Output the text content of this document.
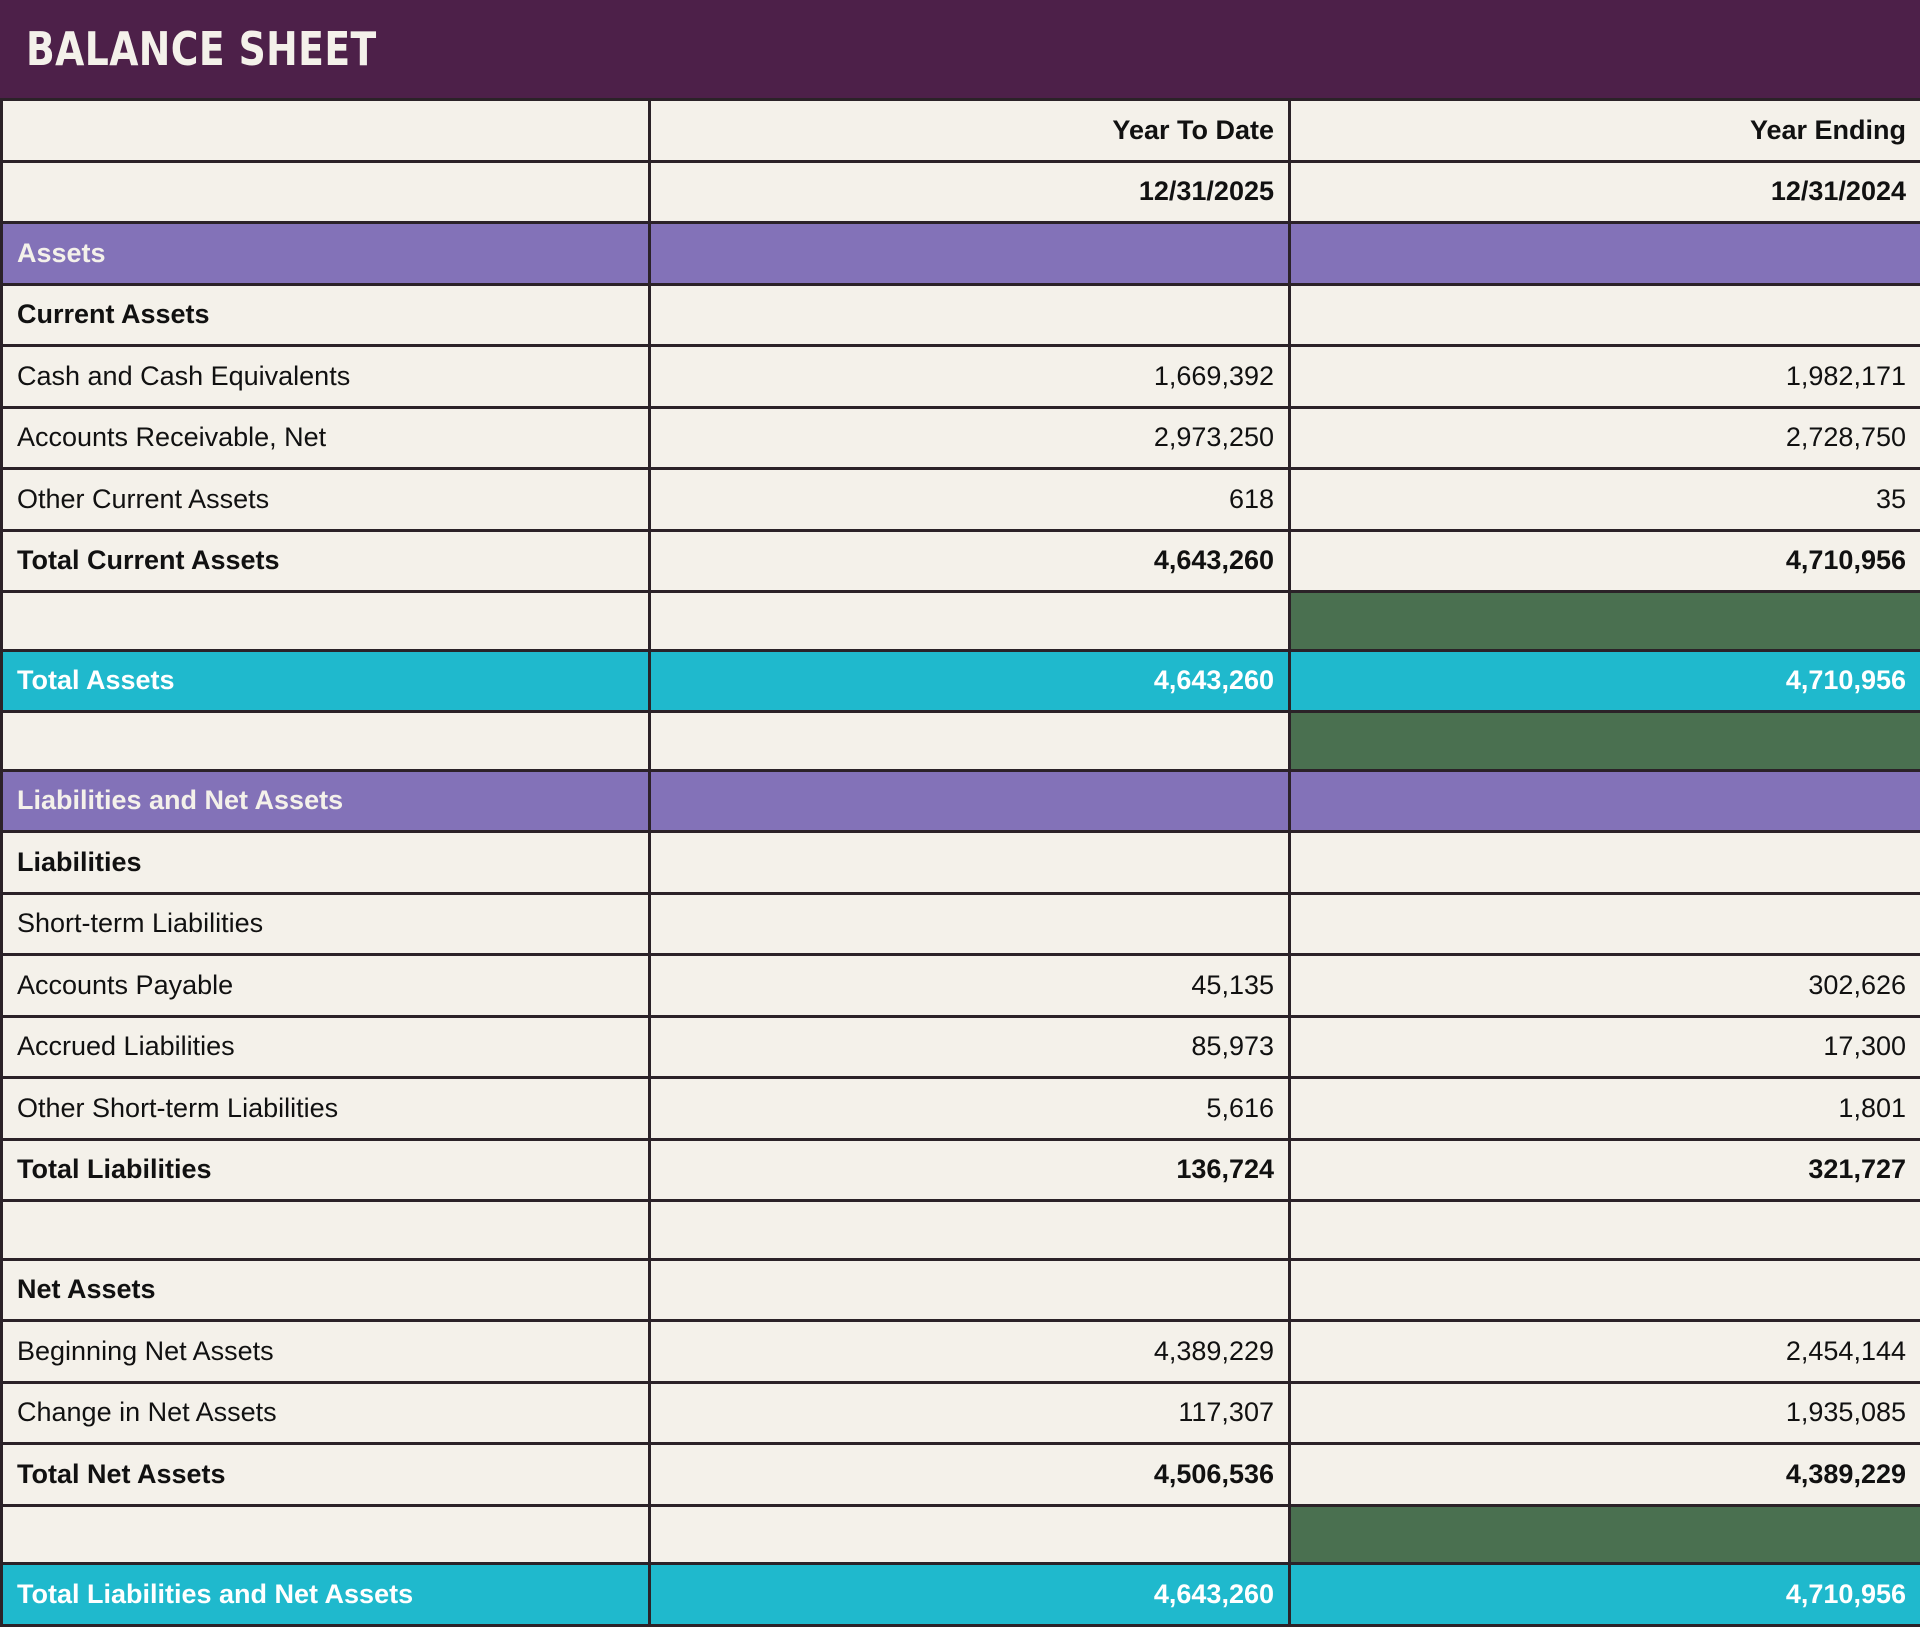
BALANCE SHEET
	Year To Date	Year Ending
	12/31/2025	12/31/2024
Assets		
Current Assets		
Cash and Cash Equivalents	1,669,392	1,982,171
Accounts Receivable, Net	2,973,250	2,728,750
Other Current Assets	618	35
Total Current Assets	4,643,260	4,710,956

Total Assets	4,643,260	4,710,956

Liabilities and Net Assets		
Liabilities		
Short-term Liabilities		
Accounts Payable	45,135	302,626
Accrued Liabilities	85,973	17,300
Other Short-term Liabilities	5,616	1,801
Total Liabilities	136,724	321,727

Net Assets		
Beginning Net Assets	4,389,229	2,454,144
Change in Net Assets	117,307	1,935,085
Total Net Assets	4,506,536	4,389,229

Total Liabilities and Net Assets	4,643,260	4,710,956
